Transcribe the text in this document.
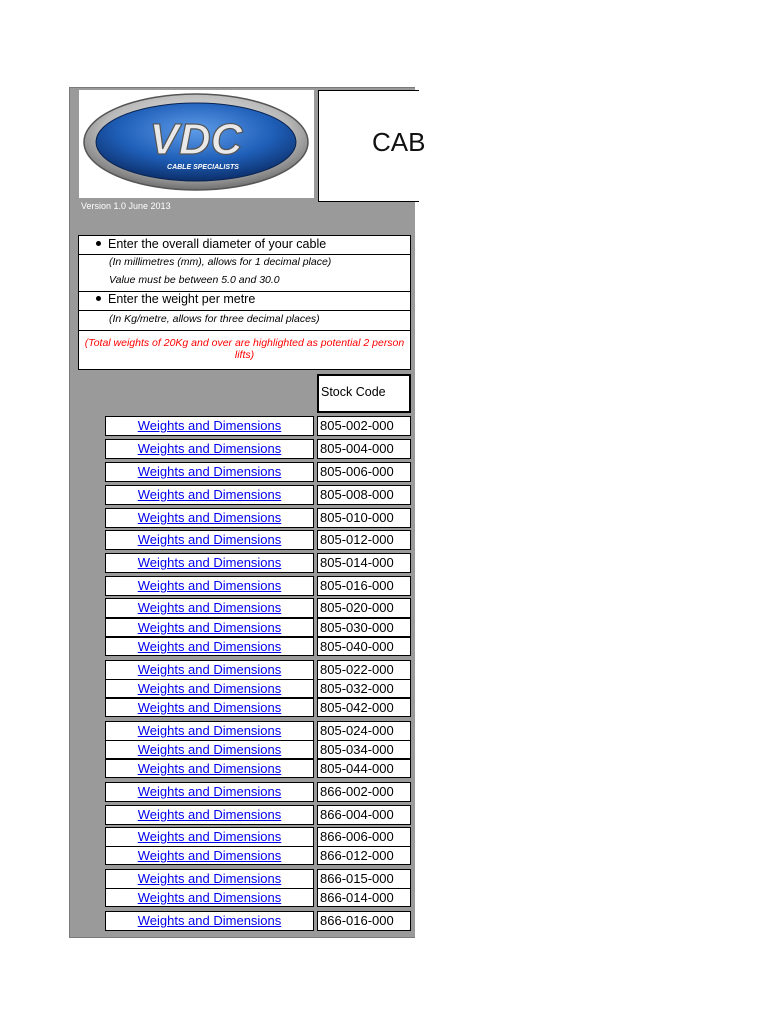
VDC
CABLE SPECIALISTS
CAB
Version 1.0 June 2013
Enter the overall diameter of your cable
(In millimetres (mm), allows for 1 decimal place)
Value must be between 5.0 and 30.0
Enter the weight per metre
(In Kg/metre, allows for three decimal places)
(Total weights of 20Kg and over are highlighted as potential 2 person lifts)
Stock Code
Weights and Dimensions	805-002-000
Weights and Dimensions	805-004-000
Weights and Dimensions	805-006-000
Weights and Dimensions	805-008-000
Weights and Dimensions	805-010-000
Weights and Dimensions	805-012-000
Weights and Dimensions	805-014-000
Weights and Dimensions	805-016-000
Weights and Dimensions	805-020-000
Weights and Dimensions	805-030-000
Weights and Dimensions	805-040-000
Weights and Dimensions	805-022-000
Weights and Dimensions	805-032-000
Weights and Dimensions	805-042-000
Weights and Dimensions	805-024-000
Weights and Dimensions	805-034-000
Weights and Dimensions	805-044-000
Weights and Dimensions	866-002-000
Weights and Dimensions	866-004-000
Weights and Dimensions	866-006-000
Weights and Dimensions	866-012-000
Weights and Dimensions	866-015-000
Weights and Dimensions	866-014-000
Weights and Dimensions	866-016-000
